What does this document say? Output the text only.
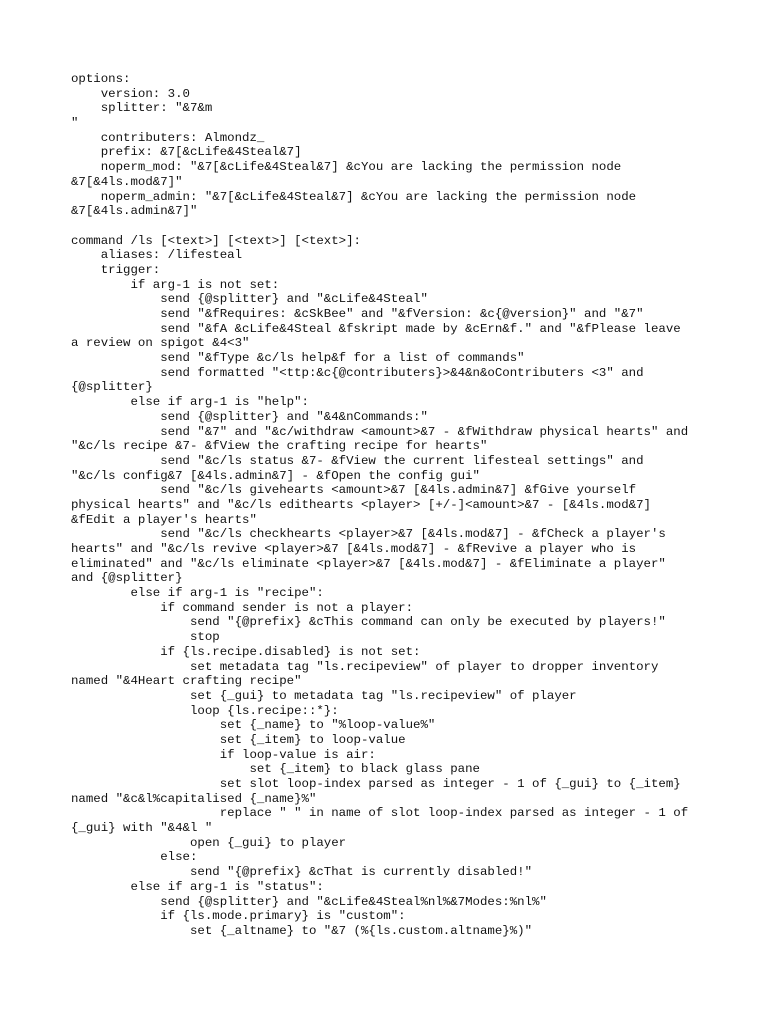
options:
version: 3.0
splitter: "&7&m
"
contributers: Almondz_
prefix: &7[&cLife&4Steal&7]
noperm_mod: "&7[&cLife&4Steal&7] &cYou are lacking the permission node
&7[&4ls.mod&7]"
noperm_admin: "&7[&cLife&4Steal&7] &cYou are lacking the permission node
&7[&4ls.admin&7]"
command /ls [<text>] [<text>] [<text>]:
aliases: /lifesteal
trigger:
if arg-1 is not set:
send {@splitter} and "&cLife&4Steal"
send "&fRequires: &cSkBee" and "&fVersion: &c{@version}" and "&7"
send "&fA &cLife&4Steal &fskript made by &cErn&f." and "&fPlease leave
a review on spigot &4<3"
send "&fType &c/ls help&f for a list of commands"
send formatted "<ttp:&c{@contributers}>&4&n&oContributers <3" and
{@splitter}
else if arg-1 is "help":
send {@splitter} and "&4&nCommands:"
send "&7" and "&c/withdraw <amount>&7 - &fWithdraw physical hearts" and
"&c/ls recipe &7- &fView the crafting recipe for hearts"
send "&c/ls status &7- &fView the current lifesteal settings" and
"&c/ls config&7 [&4ls.admin&7] - &fOpen the config gui"
send "&c/ls givehearts <amount>&7 [&4ls.admin&7] &fGive yourself
physical hearts" and "&c/ls edithearts <player> [+/-]<amount>&7 - [&4ls.mod&7]
&fEdit a player's hearts"
send "&c/ls checkhearts <player>&7 [&4ls.mod&7] - &fCheck a player's
hearts" and "&c/ls revive <player>&7 [&4ls.mod&7] - &fRevive a player who is
eliminated" and "&c/ls eliminate <player>&7 [&4ls.mod&7] - &fEliminate a player"
and {@splitter}
else if arg-1 is "recipe":
if command sender is not a player:
send "{@prefix} &cThis command can only be executed by players!"
stop
if {ls.recipe.disabled} is not set:
set metadata tag "ls.recipeview" of player to dropper inventory
named "&4Heart crafting recipe"
set {_gui} to metadata tag "ls.recipeview" of player
loop {ls.recipe::*}:
set {_name} to "%loop-value%"
set {_item} to loop-value
if loop-value is air:
set {_item} to black glass pane
set slot loop-index parsed as integer - 1 of {_gui} to {_item}
named "&c&l%capitalised {_name}%"
replace " " in name of slot loop-index parsed as integer - 1 of
{_gui} with "&4&l "
open {_gui} to player
else:
send "{@prefix} &cThat is currently disabled!"
else if arg-1 is "status":
send {@splitter} and "&cLife&4Steal%nl%&7Modes:%nl%"
if {ls.mode.primary} is "custom":
set {_altname} to "&7 (%{ls.custom.altname}%)"
